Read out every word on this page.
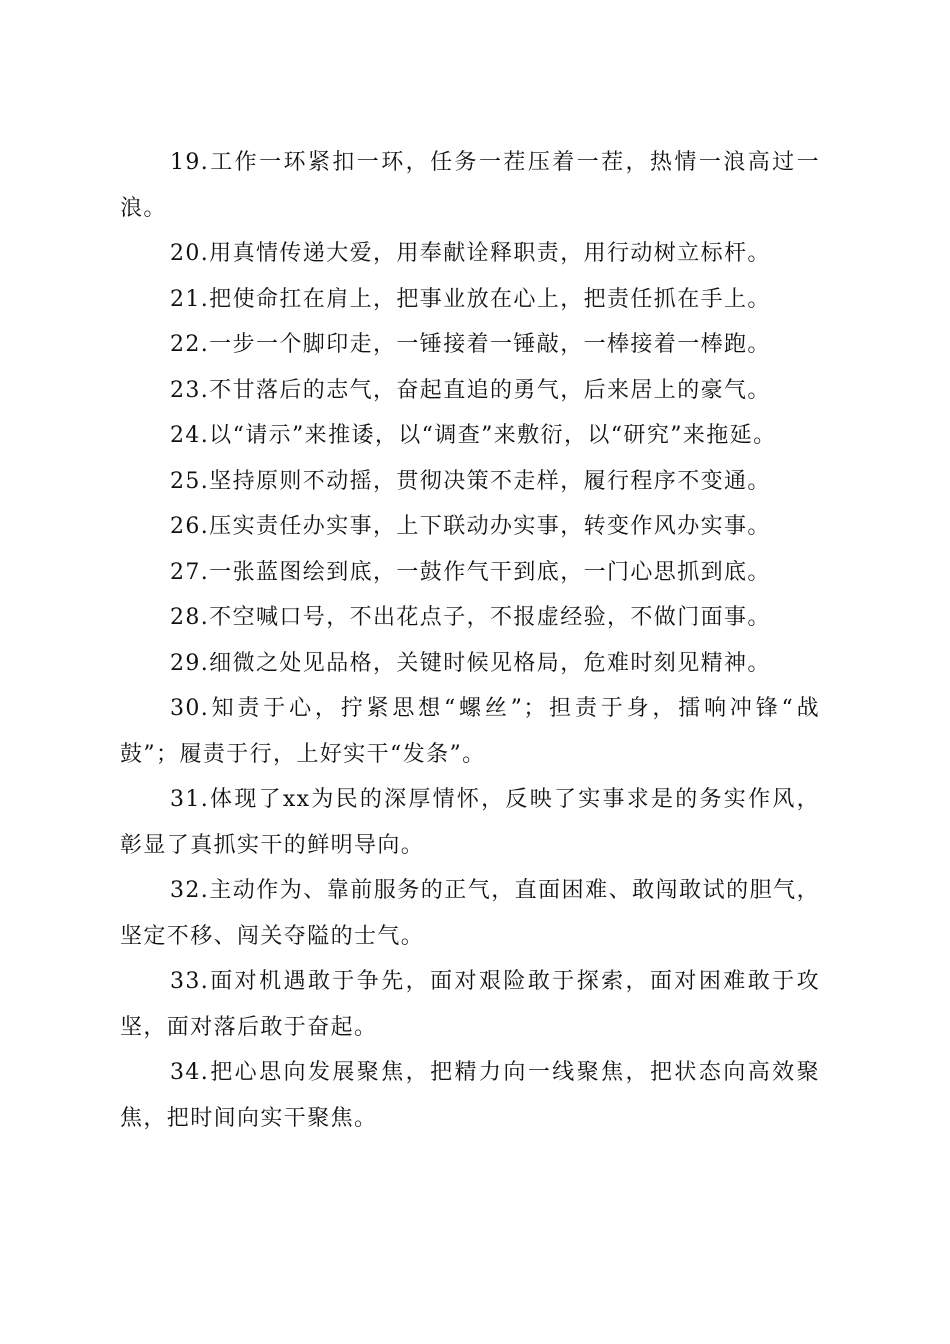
19.工作一环紧扣一环，任务一茬压着一茬，热情一浪高过一浪。

20.用真情传递大爱，用奉献诠释职责，用行动树立标杆。

21.把使命扛在肩上，把事业放在心上，把责任抓在手上。

22.一步一个脚印走，一锤接着一锤敲，一棒接着一棒跑。

23.不甘落后的志气，奋起直追的勇气，后来居上的豪气。

24.以“请示”来推诿，以“调查”来敷衍，以“研究”来拖延。

25.坚持原则不动摇，贯彻决策不走样，履行程序不变通。

26.压实责任办实事，上下联动办实事，转变作风办实事。

27.一张蓝图绘到底，一鼓作气干到底，一门心思抓到底。

28.不空喊口号，不出花点子，不报虚经验，不做门面事。

29.细微之处见品格，关键时候见格局，危难时刻见精神。

30.知责于心，拧紧思想“螺丝”；担责于身，擂响冲锋“战鼓”；履责于行，上好实干“发条”。

31.体现了xx为民的深厚情怀，反映了实事求是的务实作风，彰显了真抓实干的鲜明导向。

32.主动作为、靠前服务的正气，直面困难、敢闯敢试的胆气，坚定不移、闯关夺隘的士气。

33.面对机遇敢于争先，面对艰险敢于探索，面对困难敢于攻坚，面对落后敢于奋起。

34.把心思向发展聚焦，把精力向一线聚焦，把状态向高效聚焦，把时间向实干聚焦。
